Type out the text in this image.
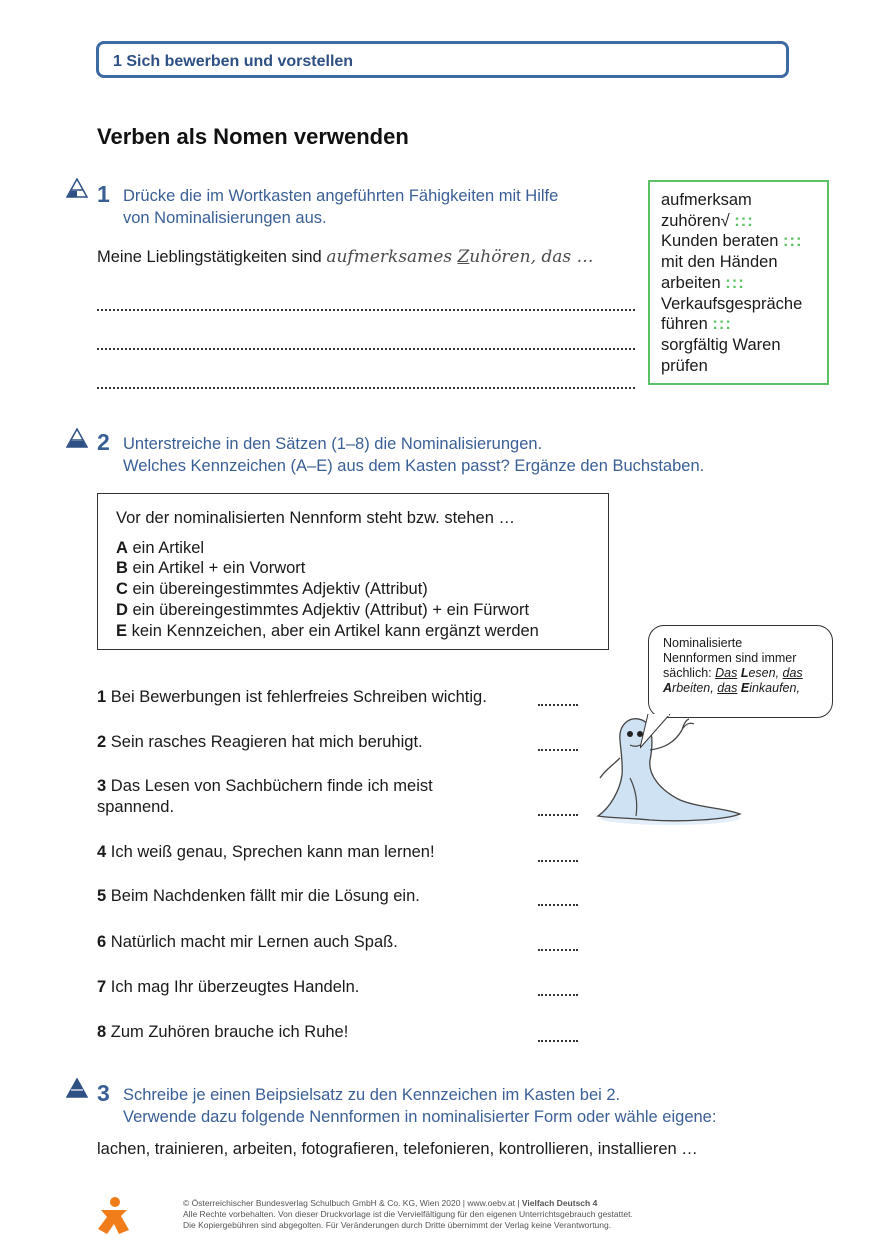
1 Sich bewerben und vorstellen
Verben als Nomen verwenden
1 Drücke die im Wortkasten angeführten Fähigkeiten mit Hilfe
von Nominalisierungen aus.
Meine Lieblingstätigkeiten sind aufmerksames Zuhören, das …
aufmerksam
zuhören√ :::
Kunden beraten :::
mit den Händen
arbeiten :::
Verkaufsgespräche
führen :::
sorgfältig Waren
prüfen
2 Unterstreiche in den Sätzen (1–8) die Nominalisierungen.
Welches Kennzeichen (A–E) aus dem Kasten passt? Ergänze den Buchstaben.
Vor der nominalisierten Nennform steht bzw. stehen …
A ein Artikel
B ein Artikel + ein Vorwort
C ein übereingestimmtes Adjektiv (Attribut)
D ein übereingestimmtes Adjektiv (Attribut) + ein Fürwort
E kein Kennzeichen, aber ein Artikel kann ergänzt werden
1 Bei Bewerbungen ist fehlerfreies Schreiben wichtig.
2 Sein rasches Reagieren hat mich beruhigt.
3 Das Lesen von Sachbüchern finde ich meist spannend.
4 Ich weiß genau, Sprechen kann man lernen!
5 Beim Nachdenken fällt mir die Lösung ein.
6 Natürlich macht mir Lernen auch Spaß.
7 Ich mag Ihr überzeugtes Handeln.
8 Zum Zuhören brauche ich Ruhe!
Nominalisierte
Nennformen sind immer
sächlich: Das Lesen, das
Arbeiten, das Einkaufen,
3 Schreibe je einen Beipsielsatz zu den Kennzeichen im Kasten bei 2.
Verwende dazu folgende Nennformen in nominalisierter Form oder wähle eigene:
lachen, trainieren, arbeiten, fotografieren, telefonieren, kontrollieren, installieren …
© Österreichischer Bundesverlag Schulbuch GmbH & Co. KG, Wien 2020 | www.oebv.at | Vielfach Deutsch 4
Alle Rechte vorbehalten. Von dieser Druckvorlage ist die Vervielfältigung für den eigenen Unterrichtsgebrauch gestattet.
Die Kopiergebühren sind abgegolten. Für Veränderungen durch Dritte übernimmt der Verlag keine Verantwortung.
